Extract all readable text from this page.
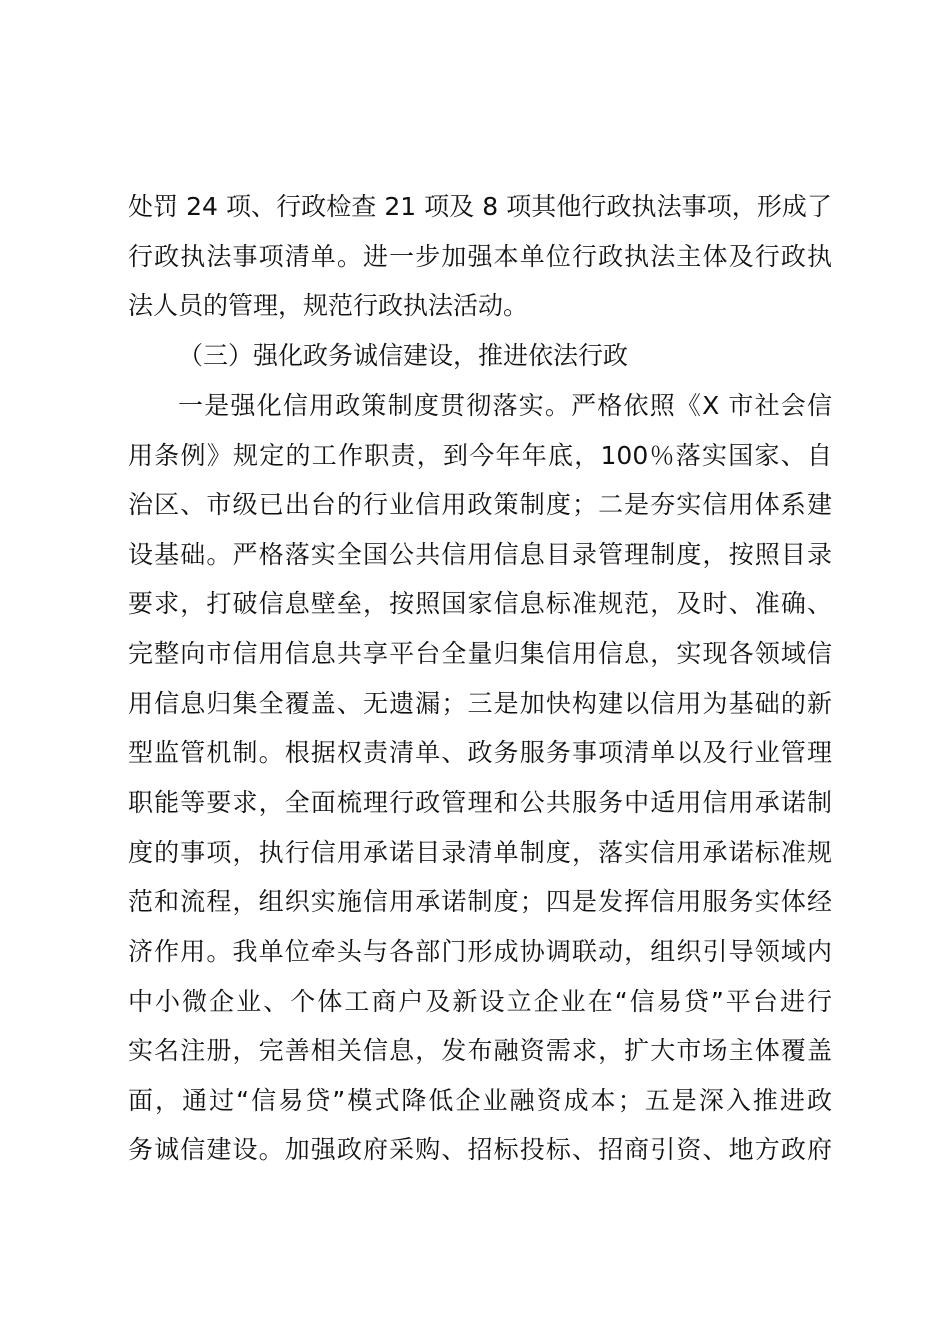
处罚 24 项、行政检查 21 项及 8 项其他行政执法事项，形成了
行政执法事项清单。进一步加强本单位行政执法主体及行政执
法人员的管理，规范行政执法活动。
（三）强化政务诚信建设，推进依法行政
一是强化信用政策制度贯彻落实。严格依照《X 市社会信
用条例》规定的工作职责，到今年年底，100％落实国家、自
治区、市级已出台的行业信用政策制度；二是夯实信用体系建
设基础。严格落实全国公共信用信息目录管理制度，按照目录
要求，打破信息壁垒，按照国家信息标准规范，及时、准确、
完整向市信用信息共享平台全量归集信用信息，实现各领域信
用信息归集全覆盖、无遗漏；三是加快构建以信用为基础的新
型监管机制。根据权责清单、政务服务事项清单以及行业管理
职能等要求，全面梳理行政管理和公共服务中适用信用承诺制
度的事项，执行信用承诺目录清单制度，落实信用承诺标准规
范和流程，组织实施信用承诺制度；四是发挥信用服务实体经
济作用。我单位牵头与各部门形成协调联动，组织引导领域内
中小微企业、个体工商户及新设立企业在“信易贷”平台进行
实名注册，完善相关信息，发布融资需求，扩大市场主体覆盖
面，通过“信易贷”模式降低企业融资成本；五是深入推进政
务诚信建设。加强政府采购、招标投标、招商引资、地方政府
